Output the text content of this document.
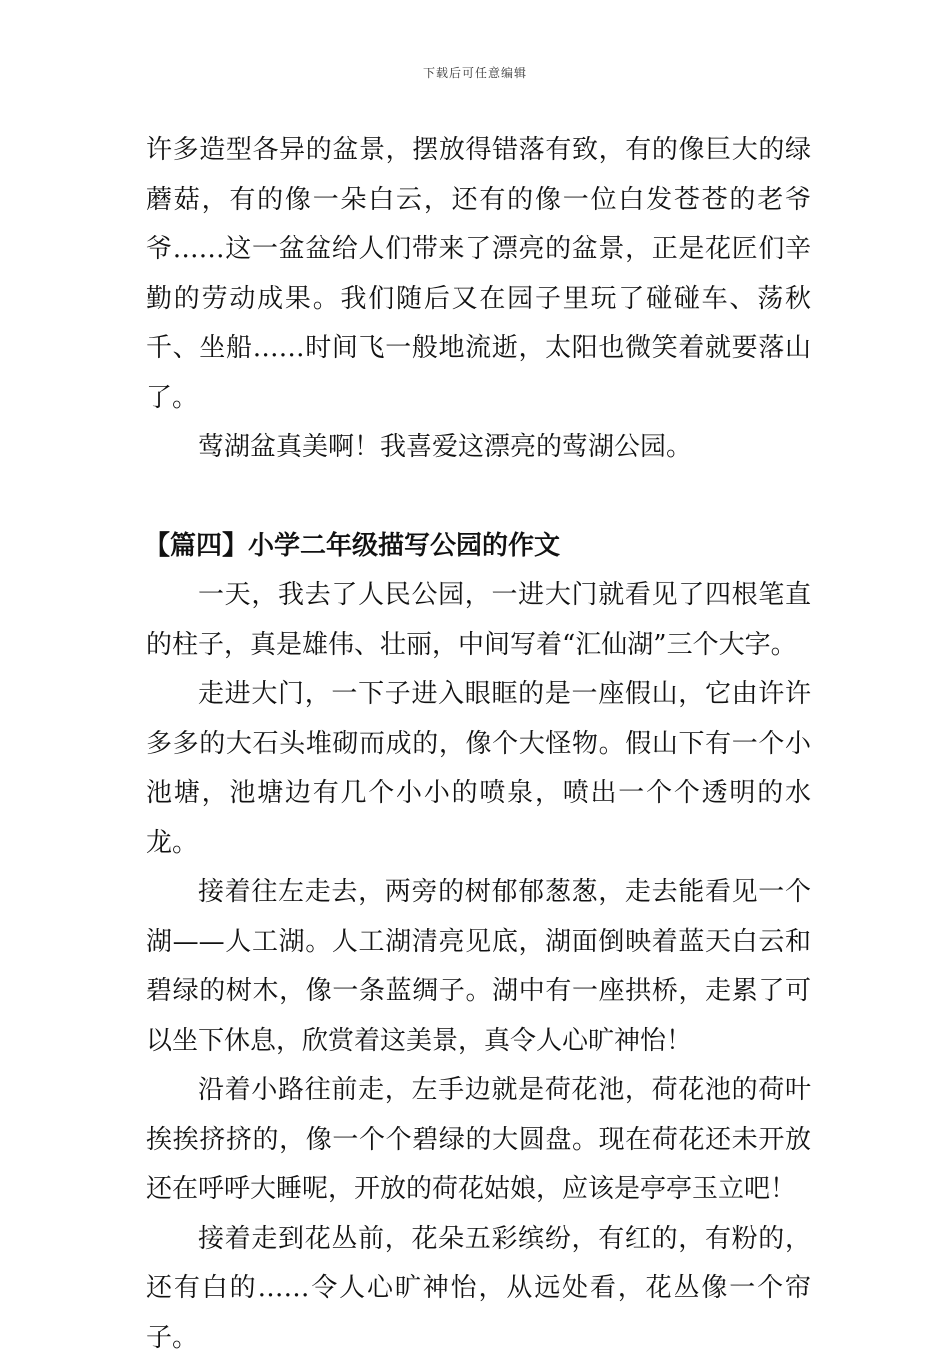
下载后可任意编辑

许多造型各异的盆景，摆放得错落有致，有的像巨大的绿蘑菇，有的像一朵白云，还有的像一位白发苍苍的老爷爷……这一盆盆给人们带来了漂亮的盆景，正是花匠们辛勤的劳动成果。我们随后又在园子里玩了碰碰车、荡秋千、坐船……时间飞一般地流逝，太阳也微笑着就要落山了。

莺湖盆真美啊！我喜爱这漂亮的莺湖公园。

【篇四】小学二年级描写公园的作文

一天，我去了人民公园，一进大门就看见了四根笔直的柱子，真是雄伟、壮丽，中间写着“汇仙湖”三个大字。

走进大门，一下子进入眼眶的是一座假山，它由许许多多的大石头堆砌而成的，像个大怪物。假山下有一个小池塘，池塘边有几个小小的喷泉，喷出一个个透明的水龙。

接着往左走去，两旁的树郁郁葱葱，走去能看见一个湖——人工湖。人工湖清亮见底，湖面倒映着蓝天白云和碧绿的树木，像一条蓝绸子。湖中有一座拱桥，走累了可以坐下休息，欣赏着这美景，真令人心旷神怡！

沿着小路往前走，左手边就是荷花池，荷花池的荷叶挨挨挤挤的，像一个个碧绿的大圆盘。现在荷花还未开放还在呼呼大睡呢，开放的荷花姑娘，应该是亭亭玉立吧！

接着走到花丛前，花朵五彩缤纷，有红的，有粉的，还有白的……令人心旷神怡，从远处看，花丛像一个帘子。
